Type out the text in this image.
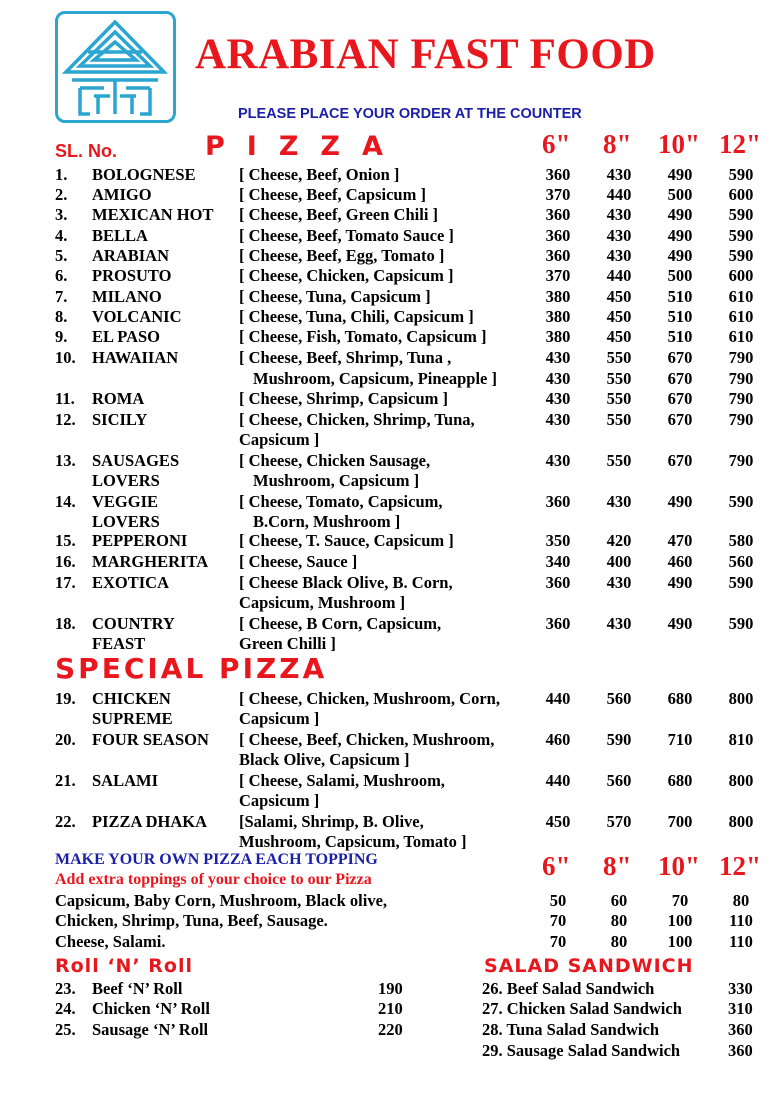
ARABIAN FAST FOOD
PLEASE PLACE YOUR ORDER AT THE COUNTER
SL. No.	PIZZA	6" 8" 10" 12"
1. BOLOGNESE	[ Cheese, Beef, Onion ]	360	430	490	590
2. AMIGO	[ Cheese, Beef, Capsicum ]	370	440	500	600
3. MEXICAN HOT [ Cheese, Beef, Green Chili ]	360	430	490	590
4. BELLA	[ Cheese, Beef, Tomato Sauce ]	360	430	490	590
5. ARABIAN	[ Cheese, Beef, Egg, Tomato ]	360	430	490	590
6. PROSUTO	[ Cheese, Chicken, Capsicum ]	370	440	500	600
7. MILANO	[ Cheese, Tuna, Capsicum ]	380	450	510	610
8. VOLCANIC	[ Cheese, Tuna, Chili, Capsicum ]	380	450	510	610
9. EL PASO	[ Cheese, Fish, Tomato, Capsicum ]	380	450	510	610
10. HAWAIIAN	[ Cheese, Beef, Shrimp, Tuna ,	430	550	670	790
Mushroom, Capsicum, Pineapple ]	430	550	670	790
11. ROMA	[ Cheese, Shrimp, Capsicum ]	430	550	670	790
12. SICILY	[ Cheese, Chicken, Shrimp, Tuna,	430	550	670	790
Capsicum ]
13. SAUSAGES	[ Cheese, Chicken Sausage,	430	550	670	790
LOVERS	Mushroom, Capsicum ]
14. VEGGIE	[ Cheese, Tomato, Capsicum,	360	430	490	590
LOVERS	B.Corn, Mushroom ]
15. PEPPERONI	[ Cheese, T. Sauce, Capsicum ]	350	420	470	580
16. MARGHERITA [ Cheese, Sauce ]	340	400	460	560
17. EXOTICA	[ Cheese Black Olive, B. Corn,	360	430	490	590
Capsicum, Mushroom ]
18. COUNTRY	[ Cheese, B Corn, Capsicum,	360	430	490	590
FEAST	Green Chilli ]
SPECIAL PIZZA
19. CHICKEN	[ Cheese, Chicken, Mushroom, Corn,	440	560	680	800
SUPREME	Capsicum ]
20. FOUR SEASON [ Cheese, Beef, Chicken, Mushroom,	460	590	710	810
Black Olive, Capsicum ]
21. SALAMI	[ Cheese, Salami, Mushroom,	440	560	680	800
Capsicum ]
22. PIZZA DHAKA [Salami, Shrimp, B. Olive,	450	570	700	800
Mushroom, Capsicum, Tomato ]
MAKE YOUR OWN PIZZA EACH TOPPING
Add extra toppings of your choice to our Pizza	6" 8" 10" 12"
Capsicum, Baby Corn, Mushroom, Black olive,	50	60	70	80
Chicken, Shrimp, Tuna, Beef, Sausage.	70	80	100	110
Cheese, Salami.	70	80	100	110
Roll ‘N’ Roll	SALAD SANDWICH
23. Beef ‘N’ Roll	190
24. Chicken ‘N’ Roll	210
25. Sausage ‘N’ Roll	220
26. Beef Salad Sandwich	330
27. Chicken Salad Sandwich	310
28. Tuna Salad Sandwich	360
29. Sausage Salad Sandwich	360
